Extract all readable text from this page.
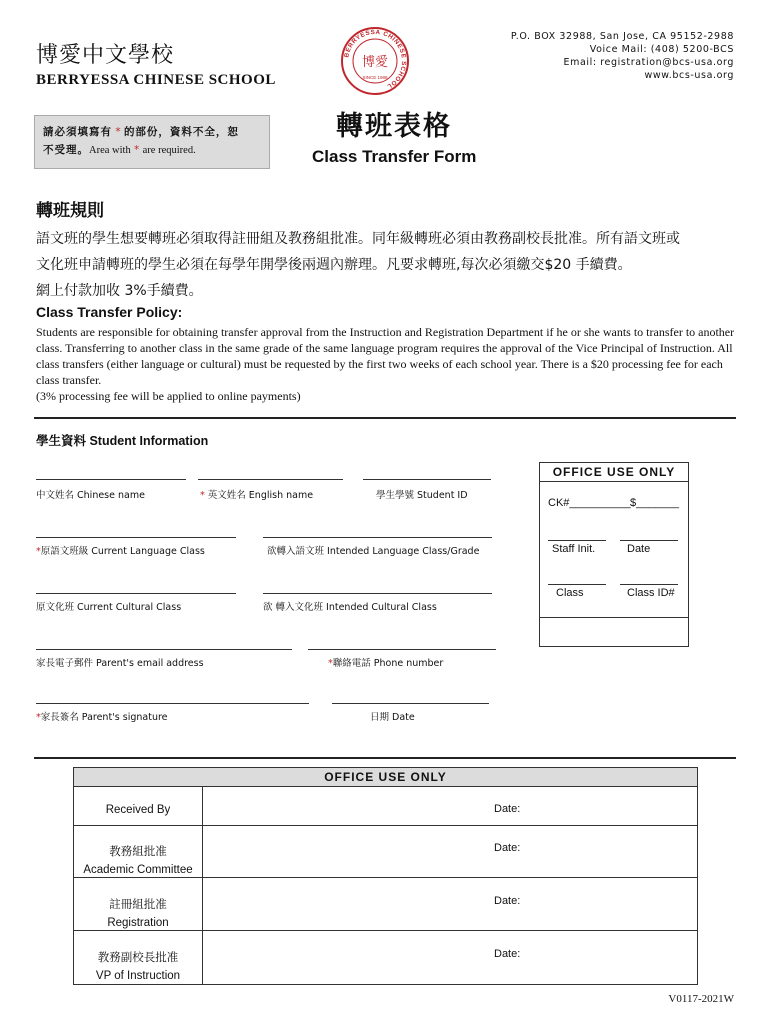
博愛中文學校
BERRYESSA CHINESE SCHOOL
BERRYESSA CHINESE SCHOOL
博愛
SINCE 1988
P.O. BOX 32988, San Jose, CA 95152-2988
Voice Mail: (408) 5200-BCS
Email: registration@bcs-usa.org
www.bcs-usa.org
請必須填寫有 * 的部份，資料不全，恕
不受理。Area with * are required.
轉班表格
Class Transfer Form
轉班規則
語文班的學生想要轉班必須取得註冊組及教務組批准。同年級轉班必須由教務副校長批准。所有語文班或
文化班申請轉班的學生必須在每學年開學後兩週內辦理。凡要求轉班,每次必須繳交$20 手續費。
網上付款加收 3%手續費。
Class Transfer Policy:
Students are responsible for obtaining transfer approval from the Instruction and Registration Department if he or she wants to transfer to another class. Transferring to another class in the same grade of the same language program requires the approval of the Vice Principal of Instruction. All class transfers (either language or cultural) must be requested by the first two weeks of each school year. There is a $20 processing fee for each class transfer.
(3% processing fee will be applied to online payments)
學生資料 Student Information
中文姓名 Chinese name	* 英文姓名 English name	學生學號 Student ID
*原語文班級 Current Language Class	欲轉入語文班 Intended Language Class/Grade
原文化班 Current Cultural Class	欲 轉入文化班 Intended Cultural Class
家長電子郵件 Parent's email address	*聯絡電話 Phone number
*家長簽名 Parent's signature	日期 Date
OFFICE USE ONLY
CK#__________ $_______
Staff Init.	Date
Class	Class ID#
OFFICE USE ONLY
Received By	Date:
教務組批准
Academic Committee
Date:
註冊組批准
Registration
Date:
教務副校長批准
VP of Instruction
Date:
V0117-2021W
